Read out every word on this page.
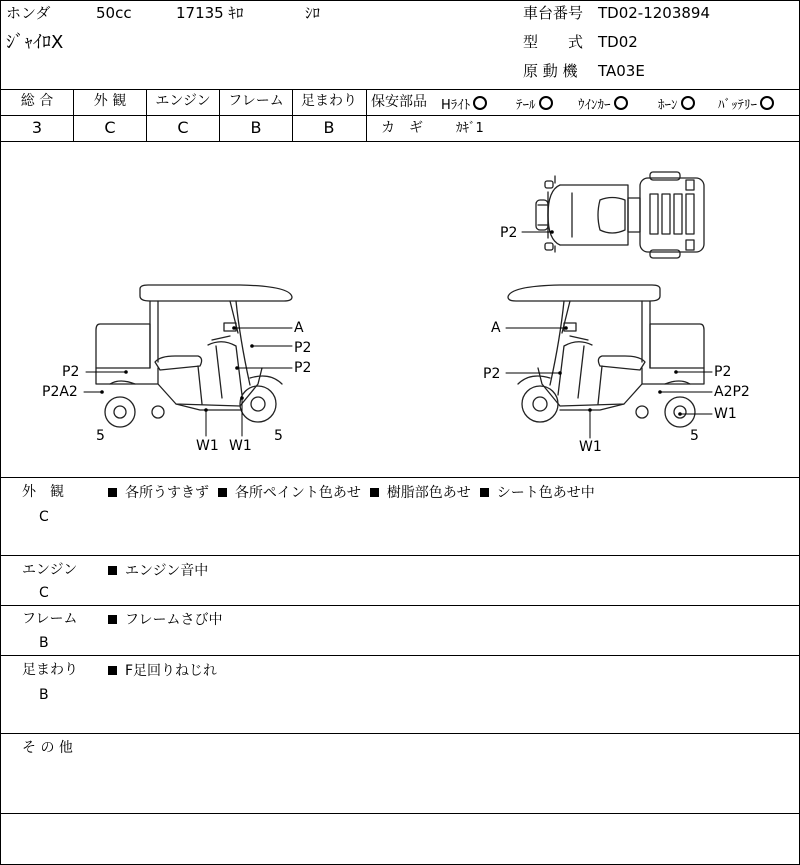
ホンダ	50cc	17135 ｷﾛ	ｼﾛ
ｼﾞｬｲﾛX
車台番号 TD02-1203894
型　　式 TD02
原 動 機 TA03E
総 合
3
外 観
C
エンジン
C
フレーム
B
足まわり
B
保安部品 Hﾗｲﾄ	ﾃｰﾙ	ｳｲﾝｶｰ	ﾎｰﾝ	ﾊﾞｯﾃﾘｰ
カ　ギ	ｶｷﾞ1
A
P2
P2
P2
P2A2
5
W1 W1
5
A
P2	P2
A2P2
W1
5
W1
P2
外　観
C
各所うすきず 各所ペイント色あせ 樹脂部色あせ シート色あせ中
エンジン
C
エンジン音中
フレーム
B
フレームさび中
足まわり
B
F足回りねじれ
そ の 他
